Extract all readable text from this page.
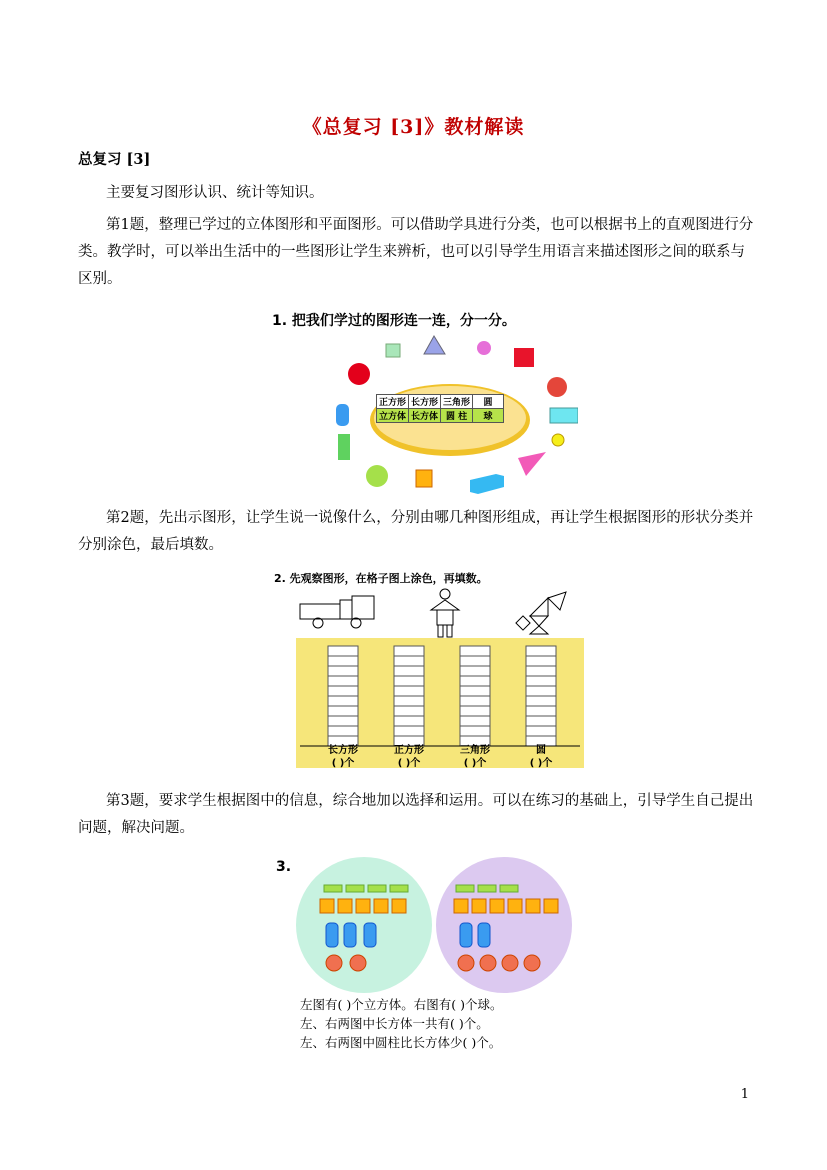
《总复习 [3]》教材解读
总复习 [3]
主要复习图形认识、统计等知识。
第1题，整理已学过的立体图形和平面图形。可以借助学具进行分类，也可以根据书上的直观图进行分类。教学时，可以举出生活中的一些图形让学生来辨析，也可以引导学生用语言来描述图形之间的联系与区别。
1. 把我们学过的图形连一连，分一分。
正方形	长方形	三角形	圆
立方体	长方体	圆 柱	球
第2题，先出示图形，让学生说一说像什么，分别由哪几种图形组成，再让学生根据图形的形状分类并分别涂色，最后填数。
2. 先观察图形，在格子图上涂色，再填数。
长方形
( )个
正方形
( )个
三角形
( )个
圆
( )个
第3题，要求学生根据图中的信息，综合地加以选择和运用。可以在练习的基础上，引导学生自己提出问题，解决问题。
3.
左图有( )个立方体。右图有( )个球。
左、右两图中长方体一共有( )个。
左、右两图中圆柱比长方体少( )个。
1
